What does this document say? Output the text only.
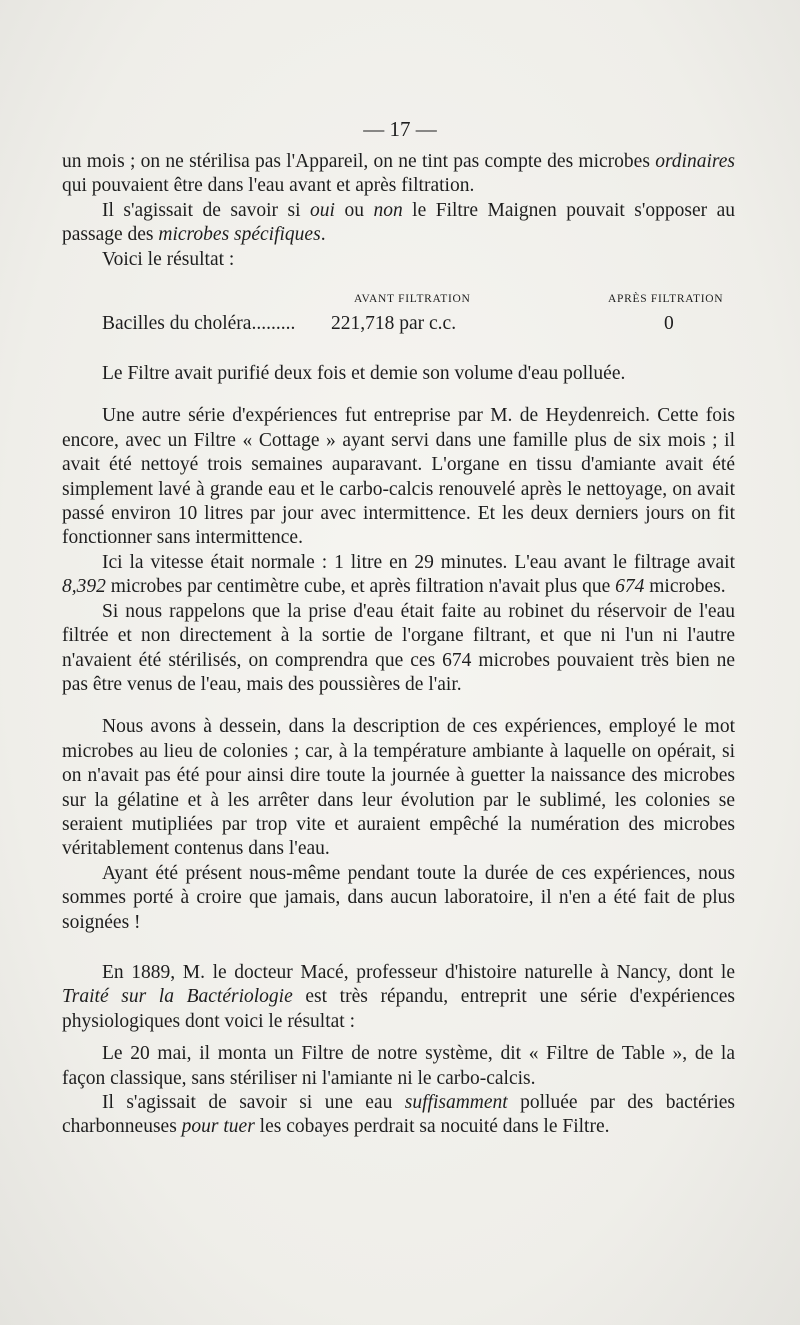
— 17 —

un mois ; on ne stérilisa pas l'Appareil, on ne tint pas compte des microbes ordinaires qui pouvaient être dans l'eau avant et après filtration.

Il s'agissait de savoir si oui ou non le Filtre Maignen pouvait s'opposer au passage des microbes spécifiques.

Voici le résultat :

AVANT FILTRATION	APRÈS FILTRATION
Bacilles du choléra......... 221,718 par c.c.	0

Le Filtre avait purifié deux fois et demie son volume d'eau polluée.

Une autre série d'expériences fut entreprise par M. de Heydenreich. Cette fois encore, avec un Filtre « Cottage » ayant servi dans une famille plus de six mois ; il avait été nettoyé trois semaines auparavant. L'organe en tissu d'amiante avait été simplement lavé à grande eau et le carbo-calcis renouvelé après le nettoyage, on avait passé environ 10 litres par jour avec intermittence. Et les deux derniers jours on fit fonctionner sans intermittence.

Ici la vitesse était normale : 1 litre en 29 minutes. L'eau avant le filtrage avait 8,392 microbes par centimètre cube, et après filtration n'avait plus que 674 microbes.

Si nous rappelons que la prise d'eau était faite au robinet du réservoir de l'eau filtrée et non directement à la sortie de l'organe filtrant, et que ni l'un ni l'autre n'avaient été stérilisés, on comprendra que ces 674 microbes pouvaient très bien ne pas être venus de l'eau, mais des poussières de l'air.

Nous avons à dessein, dans la description de ces expériences, employé le mot microbes au lieu de colonies ; car, à la température ambiante à laquelle on opérait, si on n'avait pas été pour ainsi dire toute la journée à guetter la naissance des microbes sur la gélatine et à les arrêter dans leur évolution par le sublimé, les colonies se seraient mutipliées par trop vite et auraient empêché la numération des microbes véritablement contenus dans l'eau.

Ayant été présent nous-même pendant toute la durée de ces expériences, nous sommes porté à croire que jamais, dans aucun laboratoire, il n'en a été fait de plus soignées !

En 1889, M. le docteur Macé, professeur d'histoire naturelle à Nancy, dont le Traité sur la Bactériologie est très répandu, entreprit une série d'expériences physiologiques dont voici le résultat :

Le 20 mai, il monta un Filtre de notre système, dit « Filtre de Table », de la façon classique, sans stériliser ni l'amiante ni le carbo-calcis.

Il s'agissait de savoir si une eau suffisamment polluée par des bactéries charbonneuses pour tuer les cobayes perdrait sa nocuité dans le Filtre.
